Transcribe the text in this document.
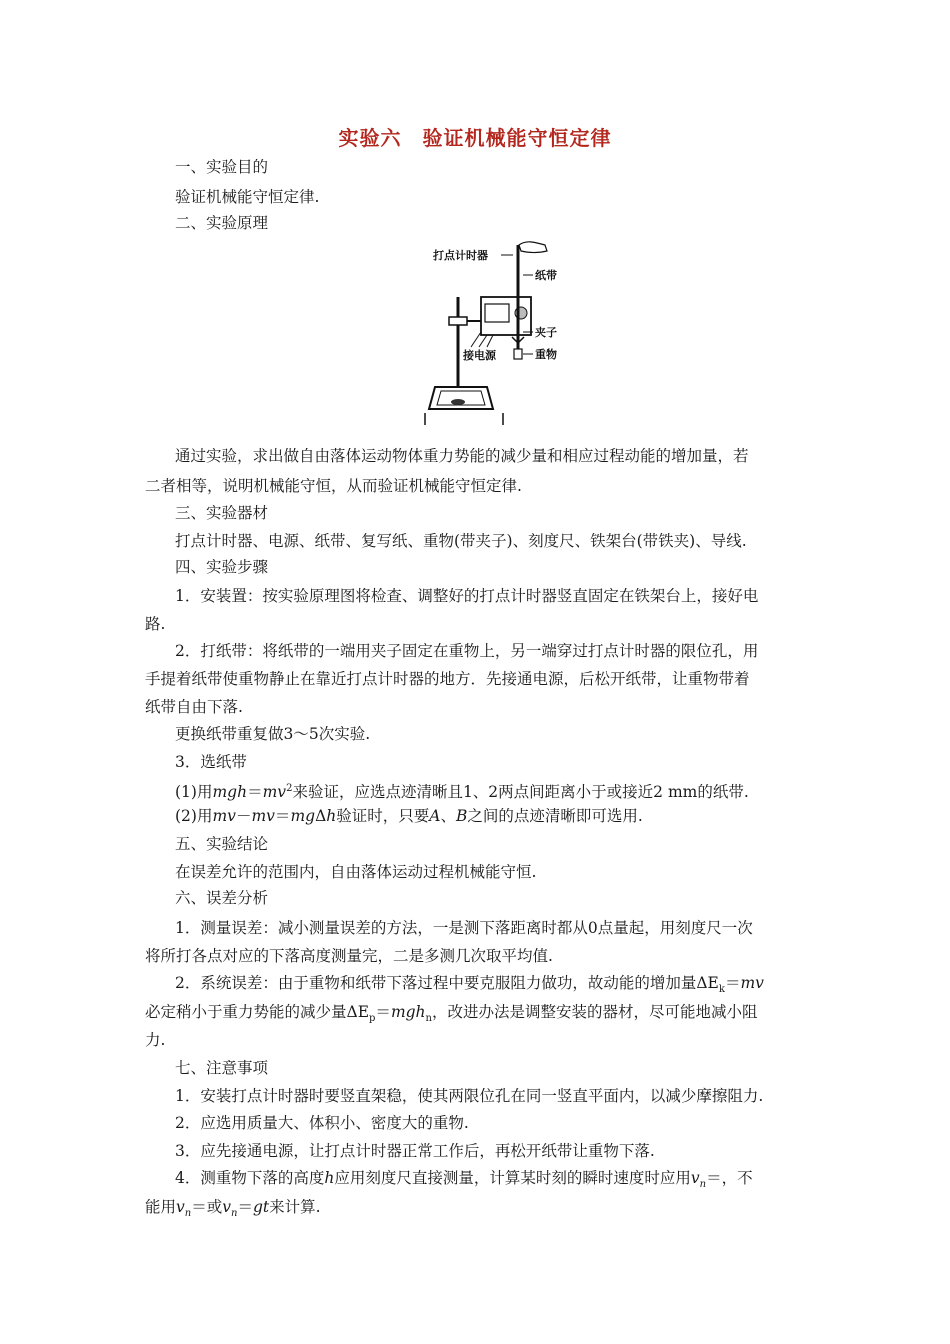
实验六　验证机械能守恒定律
一、实验目的
验证机械能守恒定律.
二、实验原理
打点计时器
纸带
夹子
接电源	重物
通过实验，求出做自由落体运动物体重力势能的减少量和相应过程动能的增加量，若
二者相等，说明机械能守恒，从而验证机械能守恒定律.
三、实验器材
打点计时器、电源、纸带、复写纸、重物(带夹子)、刻度尺、铁架台(带铁夹)、导线.
四、实验步骤
1．安装置：按实验原理图将检查、调整好的打点计时器竖直固定在铁架台上，接好电
路.
2．打纸带：将纸带的一端用夹子固定在重物上，另一端穿过打点计时器的限位孔，用
手提着纸带使重物静止在靠近打点计时器的地方．先接通电源，后松开纸带，让重物带着
纸带自由下落.
更换纸带重复做3～5次实验.
3．选纸带
(1)用$mgh=mv^2$来验证，应选点迹清晰且1、2两点间距离小于或接近2 mm的纸带.
(2)用mv－mv＝mgΔh验证时，只要A、B之间的点迹清晰即可选用.
五、实验结论
在误差允许的范围内，自由落体运动过程机械能守恒.
六、误差分析
1．测量误差：减小测量误差的方法，一是测下落距离时都从0点量起，用刻度尺一次
将所打各点对应的下落高度测量完，二是多测几次取平均值.
2．系统误差：由于重物和纸带下落过程中要克服阻力做功，故动能的增加量$\Delta E_k=mv$
必定稍小于重力势能的减少量$\Delta E_p=mgh_n$，改进办法是调整安装的器材，尽可能地减小阻
力.
七、注意事项
1．安装打点计时器时要竖直架稳，使其两限位孔在同一竖直平面内，以减少摩擦阻力.
2．应选用质量大、体积小、密度大的重物.
3．应先接通电源，让打点计时器正常工作后，再松开纸带让重物下落.
4．测重物下落的高度h应用刻度尺直接测量，计算某时刻的瞬时速度时应用$v_n=$，不
能用$v_n=$或$v_n=gt$来计算.
